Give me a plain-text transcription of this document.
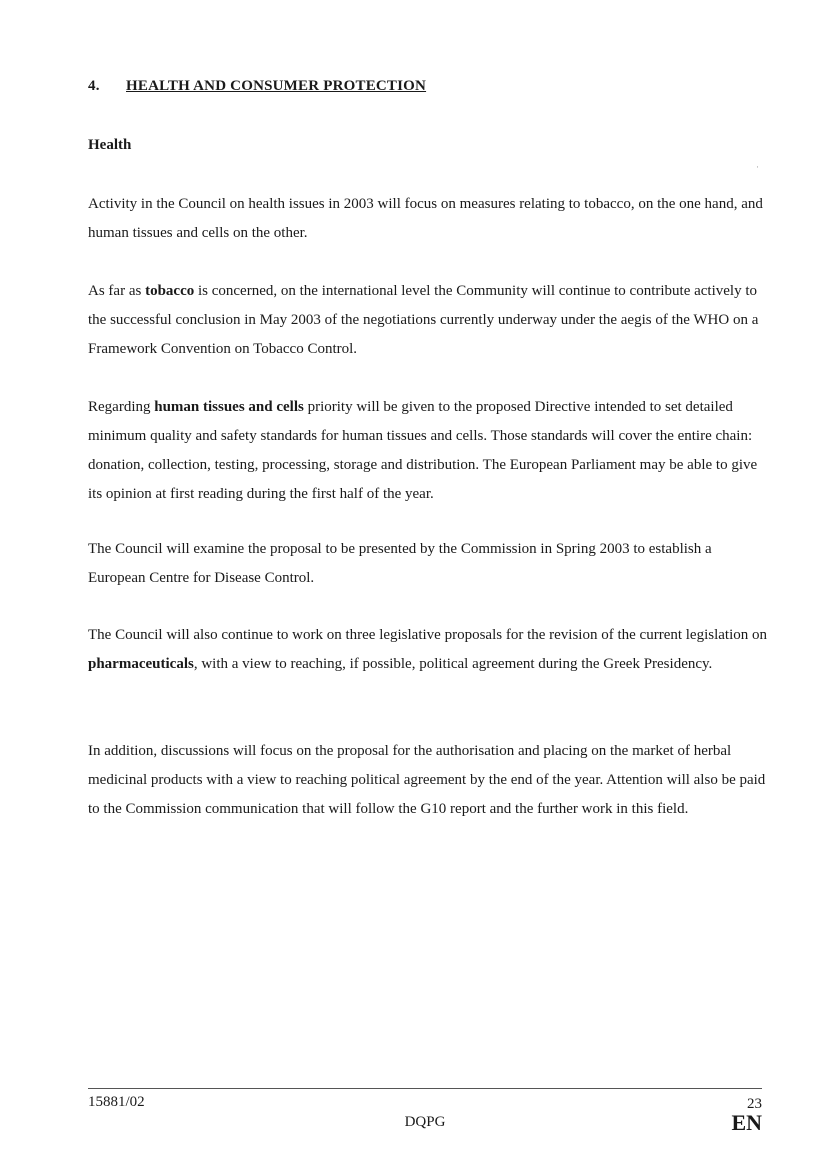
4. HEALTH AND CONSUMER PROTECTION
Health
·

Activity in the Council on health issues in 2003 will focus on measures relating to tobacco, on the one hand, and human tissues and cells on the other.

As far as tobacco is concerned, on the international level the Community will continue to contribute actively to the successful conclusion in May 2003 of the negotiations currently underway under the aegis of the WHO on a Framework Convention on Tobacco Control.

Regarding human tissues and cells priority will be given to the proposed Directive intended to set detailed minimum quality and safety standards for human tissues and cells. Those standards will cover the entire chain: donation, collection, testing, processing, storage and distribution. The European Parliament may be able to give its opinion at first reading during the first half of the year.

The Council will examine the proposal to be presented by the Commission in Spring 2003 to establish a European Centre for Disease Control.

The Council will also continue to work on three legislative proposals for the revision of the current legislation on pharmaceuticals, with a view to reaching, if possible, political agreement during the Greek Presidency.

In addition, discussions will focus on the proposal for the authorisation and placing on the market of herbal medicinal products with a view to reaching political agreement by the end of the year. Attention will also be paid to the Commission communication that will follow the G10 report and the further work in this field.

15881/02	23
DQPG	EN
